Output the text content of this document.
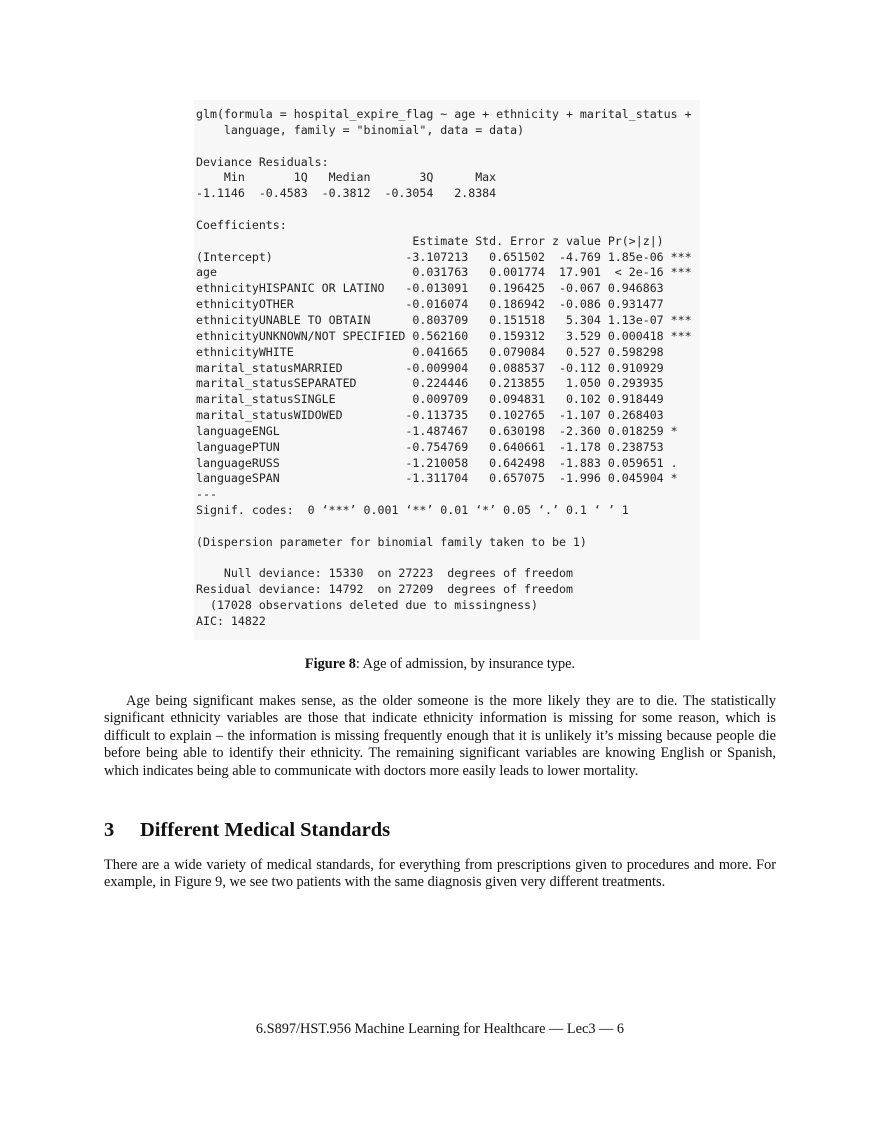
glm(formula = hospital_expire_flag ~ age + ethnicity + marital_status +
language, family = "binomial", data = data)

Deviance Residuals:
Min       1Q   Median       3Q      Max
-1.1146  -0.4583  -0.3812  -0.3054   2.8384

Coefficients:
Estimate Std. Error z value Pr(>|z|)
(Intercept)                   -3.107213   0.651502  -4.769 1.85e-06 ***
age                            0.031763   0.001774  17.901  < 2e-16 ***
ethnicityHISPANIC OR LATINO   -0.013091   0.196425  -0.067 0.946863
ethnicityOTHER                -0.016074   0.186942  -0.086 0.931477
ethnicityUNABLE TO OBTAIN      0.803709   0.151518   5.304 1.13e-07 ***
ethnicityUNKNOWN/NOT SPECIFIED 0.562160   0.159312   3.529 0.000418 ***
ethnicityWHITE                 0.041665   0.079084   0.527 0.598298
marital_statusMARRIED         -0.009904   0.088537  -0.112 0.910929
marital_statusSEPARATED        0.224446   0.213855   1.050 0.293935
marital_statusSINGLE           0.009709   0.094831   0.102 0.918449
marital_statusWIDOWED         -0.113735   0.102765  -1.107 0.268403
languageENGL                  -1.487467   0.630198  -2.360 0.018259 *
languagePTUN                  -0.754769   0.640661  -1.178 0.238753
languageRUSS                  -1.210058   0.642498  -1.883 0.059651 .
languageSPAN                  -1.311704   0.657075  -1.996 0.045904 *
---
Signif. codes:  0 ‘***’ 0.001 ‘**’ 0.01 ‘*’ 0.05 ‘.’ 0.1 ‘ ’ 1

(Dispersion parameter for binomial family taken to be 1)

Null deviance: 15330  on 27223  degrees of freedom
Residual deviance: 14792  on 27209  degrees of freedom
(17028 observations deleted due to missingness)
AIC: 14822
Figure 8: Age of admission, by insurance type.

Age being significant makes sense, as the older someone is the more likely they are to die. The statistically significant ethnicity variables are those that indicate ethnicity information is missing for some reason, which is difficult to explain – the information is missing frequently enough that it is unlikely it’s missing because people die before being able to identify their ethnicity. The remaining significant variables are knowing English or Spanish, which indicates being able to communicate with doctors more easily leads to lower mortality.

3 Different Medical Standards

There are a wide variety of medical standards, for everything from prescriptions given to procedures and more. For example, in Figure 9, we see two patients with the same diagnosis given very different treatments.

6.S897/HST.956 Machine Learning for Healthcare — Lec3 — 6
